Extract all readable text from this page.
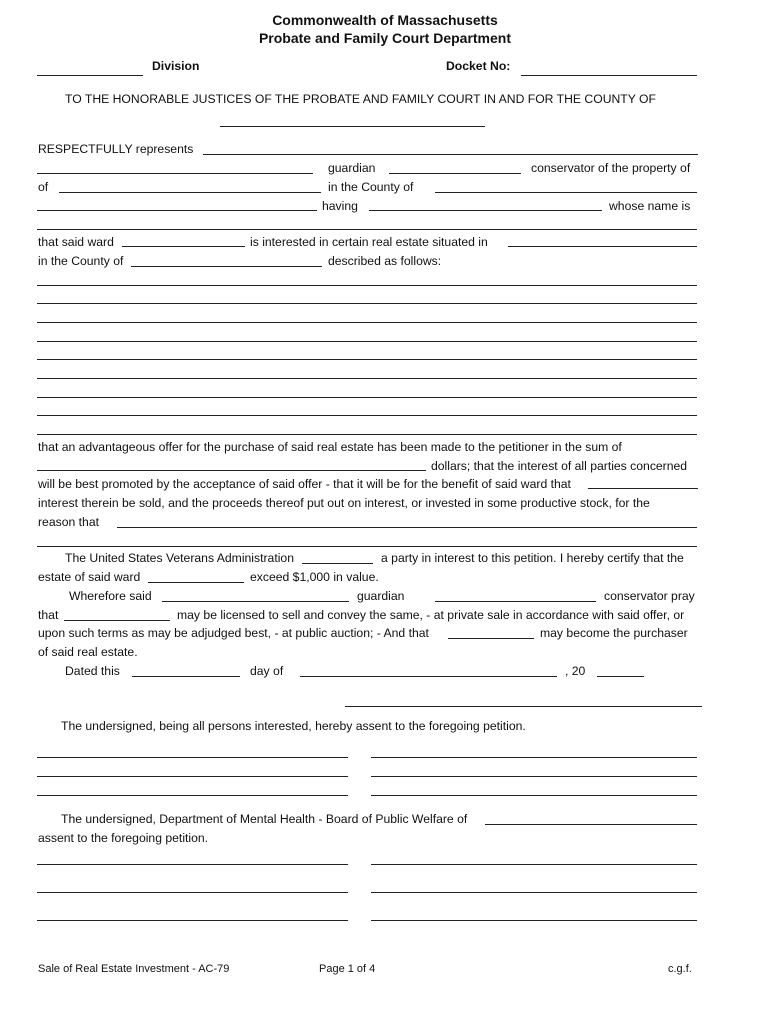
Commonwealth of Massachusetts
Probate and Family Court Department
Division	Docket No:
TO THE HONORABLE JUSTICES OF THE PROBATE AND FAMILY COURT IN AND FOR THE COUNTY OF
RESPECTFULLY represents
guardian	conservator of the property of
of	in the County of
having	whose name is
that said ward	is interested in certain real estate situated in
in the County of	described as follows:
that an advantageous offer for the purchase of said real estate has been made to the petitioner in the sum of
dollars; that the interest of all parties concerned
will be best promoted by the acceptance of said offer - that it will be for the benefit of said ward that
interest therein be sold, and the proceeds thereof put out on interest, or invested in some productive stock, for the
reason that
The United States Veterans Administration	a party in interest to this petition. I hereby certify that the
estate of said ward	exceed $1,000 in value.
Wherefore said	guardian	conservator pray
that	may be licensed to sell and convey the same, - at private sale in accordance with said offer, or
upon such terms as may be adjudged best, - at public auction; - And that	may become the purchaser
of said real estate.
Dated this	day of	, 20
The undersigned, being all persons interested, hereby assent to the foregoing petition.
The undersigned, Department of Mental Health - Board of Public Welfare of
assent to the foregoing petition.
Sale of Real Estate Investment - AC-79	Page 1 of 4	c.g.f.
